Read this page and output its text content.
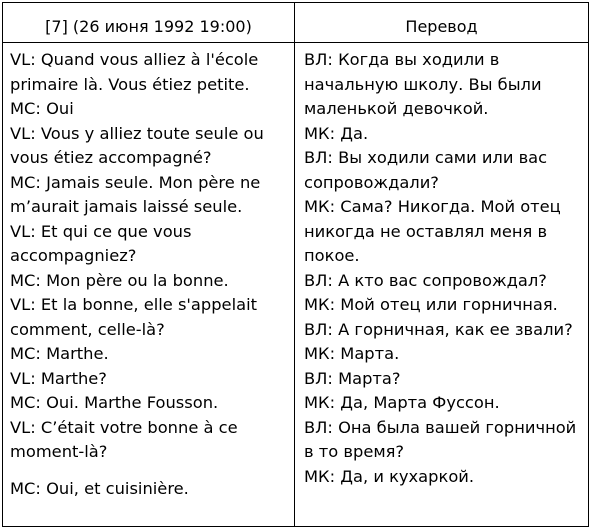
[7] (26 июня 1992 19:00)	Перевод
VL: Quand vous alliez à l'école
primaire là. Vous étiez petite.
MC: Oui
VL: Vous y alliez toute seule ou
vous étiez accompagné?
MC: Jamais seule. Mon père ne
m’aurait jamais laissé seule.
VL: Et qui ce que vous
accompagniez?
MC: Mon père ou la bonne.
VL: Et la bonne, elle s'appelait
comment, celle-là?
MC: Marthe.
VL: Marthe?
MC: Oui. Marthe Fousson.
VL: C’était votre bonne à ce
moment-là?
MC: Oui, et cuisinière.
ВЛ: Когда вы ходили в
начальную школу. Вы были
маленькой девочкой.
МК: Да.
ВЛ: Вы ходили сами или вас
сопровождали?
МК: Сама? Никогда. Мой отец
никогда не оставлял меня в
покое.
ВЛ: А кто вас сопровождал?
МК: Мой отец или горничная.
ВЛ: А горничная, как ее звали?
МК: Марта.
ВЛ: Марта?
МК: Да, Марта Фуссон.
ВЛ: Она была вашей горничной
в то время?
МК: Да, и кухаркой.
